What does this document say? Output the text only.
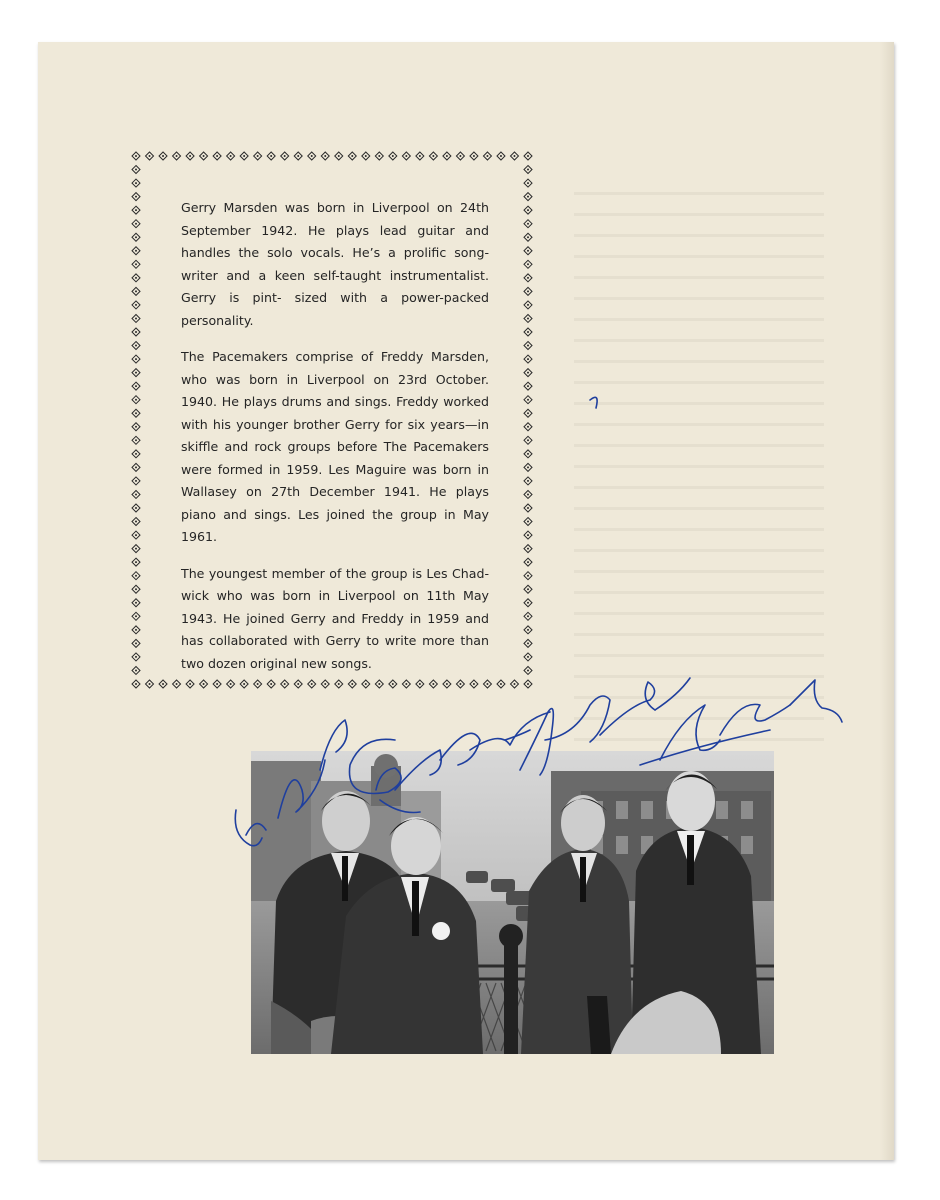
Gerry Marsden was born in Liverpool on 24th September 1942. He plays lead guitar and handles the solo vocals. He’s a prolific song-writer and a keen self-taught instrumentalist. Gerry is pint- sized with a power-packed personality.

The Pacemakers comprise of Freddy Marsden, who was born in Liverpool on 23rd October. 1940. He plays drums and sings. Freddy worked with his younger brother Gerry for six years—in skiffle and rock groups before The Pacemakers were formed in 1959. Les Maguire was born in Wallasey on 27th December 1941. He plays piano and sings. Les joined the group in May 1961.

The youngest member of the group is Les Chad-wick who was born in Liverpool on 11th May 1943. He joined Gerry and Freddy in 1959 and has collaborated with Gerry to write more than two dozen original new songs.
